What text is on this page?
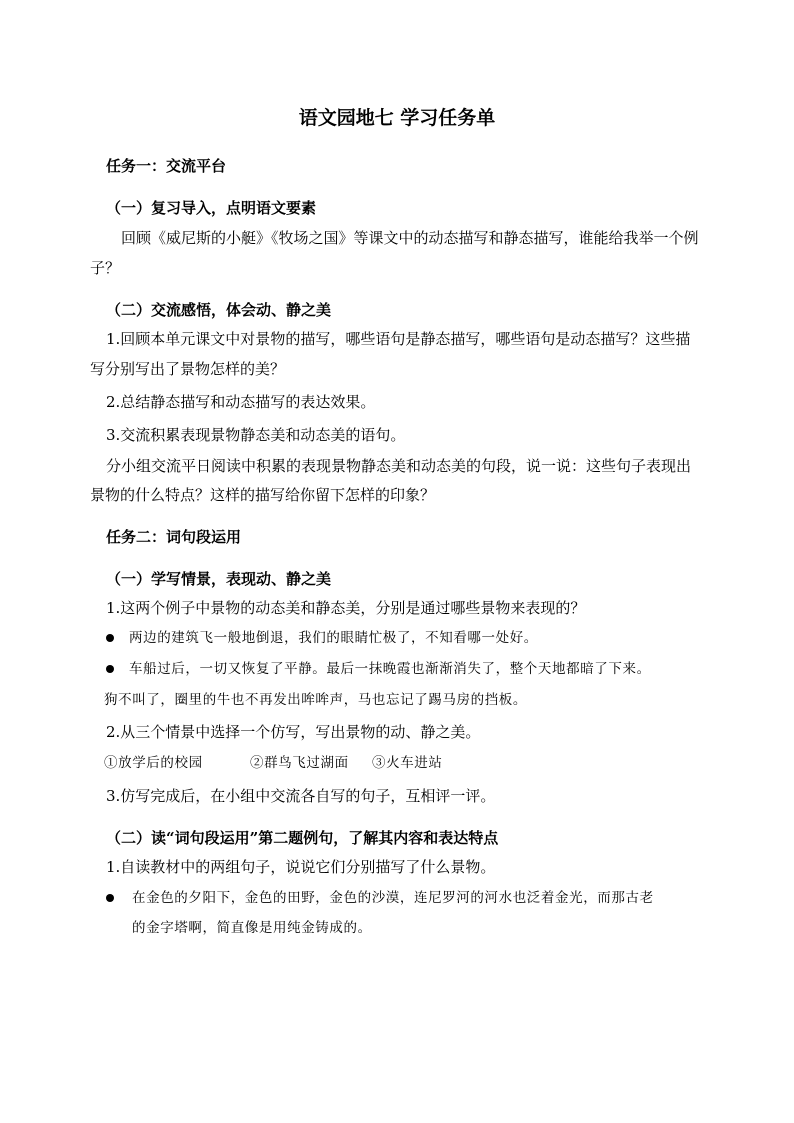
语文园地七 学习任务单
任务一：交流平台
（一）复习导入，点明语文要素
回顾《威尼斯的小艇》《牧场之国》等课文中的动态描写和静态描写，谁能给我举一个例
子？
（二）交流感悟，体会动、静之美
1.回顾本单元课文中对景物的描写，哪些语句是静态描写，哪些语句是动态描写？这些描
写分别写出了景物怎样的美？
2.总结静态描写和动态描写的表达效果。
3.交流积累表现景物静态美和动态美的语句。
分小组交流平日阅读中积累的表现景物静态美和动态美的句段，说一说：这些句子表现出
景物的什么特点？这样的描写给你留下怎样的印象？
任务二：词句段运用
（一）学写情景，表现动、静之美
1.这两个例子中景物的动态美和静态美，分别是通过哪些景物来表现的？
两边的建筑飞一般地倒退，我们的眼睛忙极了，不知看哪一处好。
车船过后，一切又恢复了平静。最后一抹晚霞也渐渐消失了，整个天地都暗了下来。
狗不叫了，圈里的牛也不再发出哞哞声，马也忘记了踢马房的挡板。
2.从三个情景中选择一个仿写，写出景物的动、静之美。
①放学后的校园	②群鸟飞过湖面 ③火车进站
3.仿写完成后，在小组中交流各自写的句子，互相评一评。
（二）读“词句段运用”第二题例句，了解其内容和表达特点
1.自读教材中的两组句子，说说它们分别描写了什么景物。
在金色的夕阳下，金色的田野，金色的沙漠，连尼罗河的河水也泛着金光，而那古老
的金字塔啊，简直像是用纯金铸成的。
